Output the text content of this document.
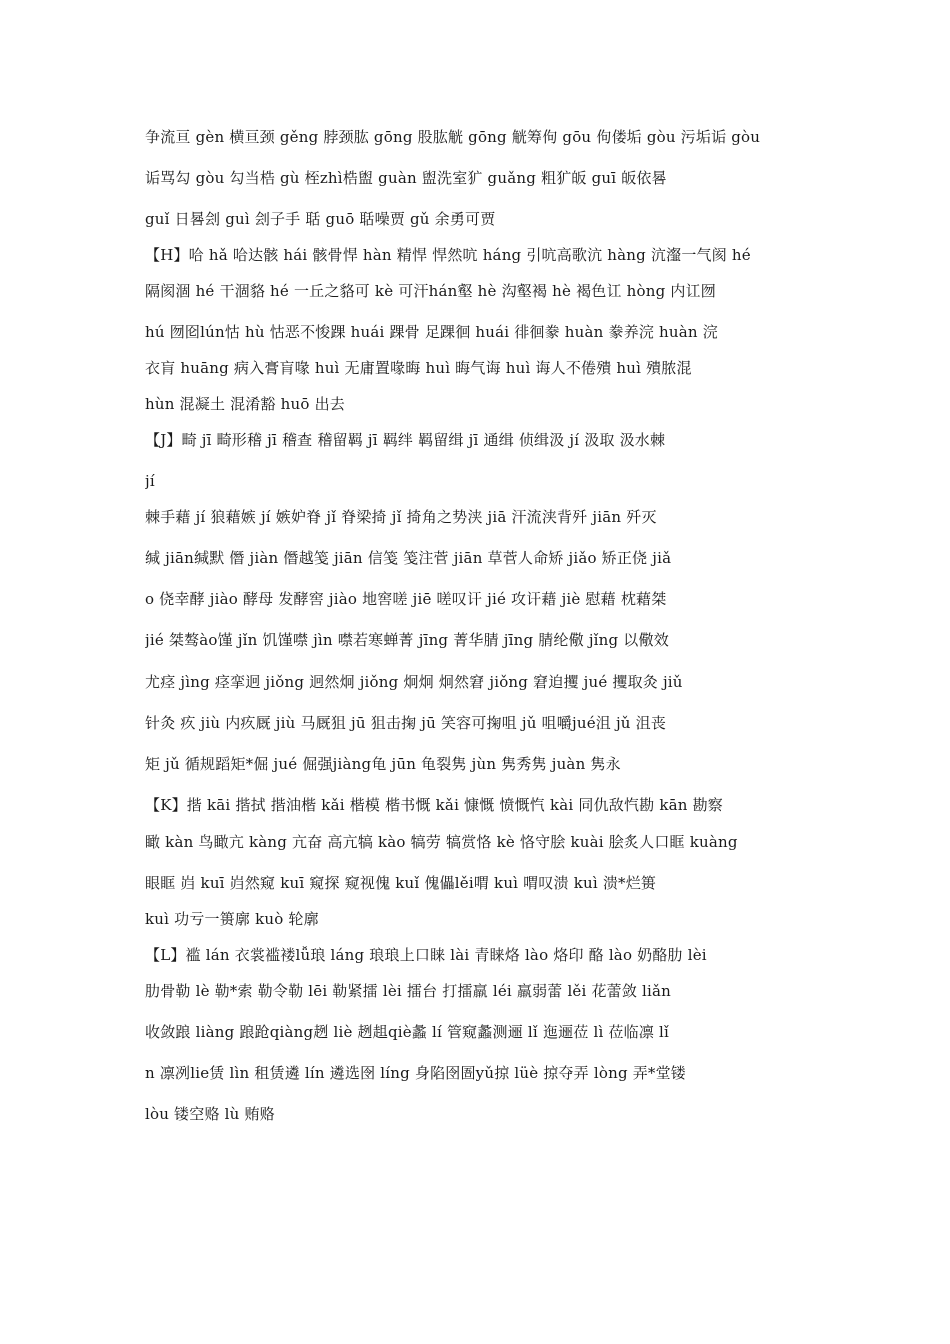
争流亘 gèn 横亘颈 gěng 脖颈肱 gōng 股肱觥 gōng 觥筹佝 gōu 佝偻垢 gòu 污垢诟 gòu
诟骂勾 gòu 勾当梏 gù 桎zhì梏盥 guàn 盥洗室犷 guǎng 粗犷皈 guī 皈依晷
guǐ 日晷刽 guì 刽子手 聒 guō 聒噪贾 gǔ 余勇可贾
【H】哈 hǎ 哈达骸 hái 骸骨悍 hàn 精悍 悍然吭 háng 引吭高歌沆 hàng 沆瀣一气阂 hé
隔阂涸 hé 干涸貉 hé 一丘之貉可 kè 可汗hán壑 hè 沟壑褐 hè 褐色讧 hòng 内讧囫
hú 囫囵lún怙 hù 怙恶不悛踝 huái 踝骨 足踝徊 huái 徘徊豢 huàn 豢养浣 huàn 浣
衣肓 huāng 病入膏肓喙 huì 无庸置喙晦 huì 晦气诲 huì 诲人不倦殨 huì 殨脓混
hùn 混凝土 混淆豁 huō 出去
【J】畸 jī 畸形稽 jī 稽查 稽留羁 jī 羁绊 羁留缉 jī 通缉 侦缉汲 jí 汲取 汲水棘
jí
棘手藉 jí 狼藉嫉 jí 嫉妒脊 jǐ 脊梁掎 jǐ 掎角之势浃 jiā 汗流浃背歼 jiān 歼灭
缄 jiān缄默 僭 jiàn 僭越笺 jiān 信笺 笺注菅 jiān 草菅人命矫 jiǎo 矫正侥 jiǎ
o 侥幸酵 jiào 酵母 发酵窖 jiào 地窖嗟 jiē 嗟叹讦 jié 攻讦藉 jiè 慰藉 枕藉桀
jié 桀骜ào馑 jǐn 饥馑噤 jìn 噤若寒蝉菁 jīng 菁华腈 jīng 腈纶儆 jǐng 以儆效
尤痉 jìng 痉挛迥 jiǒng 迥然炯 jiǒng 炯炯 炯然窘 jiǒng 窘迫攫 jué 攫取灸 jiǔ
针灸 疚 jiù 内疚厩 jiù 马厩狙 jū 狙击掬 jū 笑容可掬咀 jǔ 咀嚼jué沮 jǔ 沮丧
矩 jǔ 循规蹈矩*倔 jué 倔强jiàng龟 jūn 龟裂隽 jùn 隽秀隽 juàn 隽永
【K】揩 kāi 揩拭 揩油楷 kǎi 楷模 楷书慨 kǎi 慷慨 愤慨忾 kài 同仇敌忾勘 kān 勘察
瞰 kàn 鸟瞰亢 kàng 亢奋 高亢犒 kào 犒劳 犒赏恪 kè 恪守脍 kuài 脍炙人口眶 kuàng
眼眶 岿 kuī 岿然窥 kuī 窥探 窥视傀 kuǐ 傀儡lěi喟 kuì 喟叹溃 kuì 溃*烂篑
kuì 功亏一篑廓 kuò 轮廓
【L】褴 lán 衣裳褴褛lǚ琅 láng 琅琅上口睐 lài 青睐烙 lào 烙印 酪 lào 奶酪肋 lèi
肋骨勒 lè 勒*索 勒令勒 lēi 勒紧擂 lèi 擂台 打擂羸 léi 羸弱蕾 lěi 花蕾敛 liǎn
收敛踉 liàng 踉跄qiàng趔 liè 趔趄qiè蠡 lí 管窥蠡测逦 lǐ 迤逦莅 lì 莅临凛 lǐ
n 凛冽lie赁 lìn 租赁遴 lín 遴选囹 líng 身陷囹圄yǔ掠 lüè 掠夺弄 lòng 弄*堂镂
lòu 镂空赂 lù 贿赂
